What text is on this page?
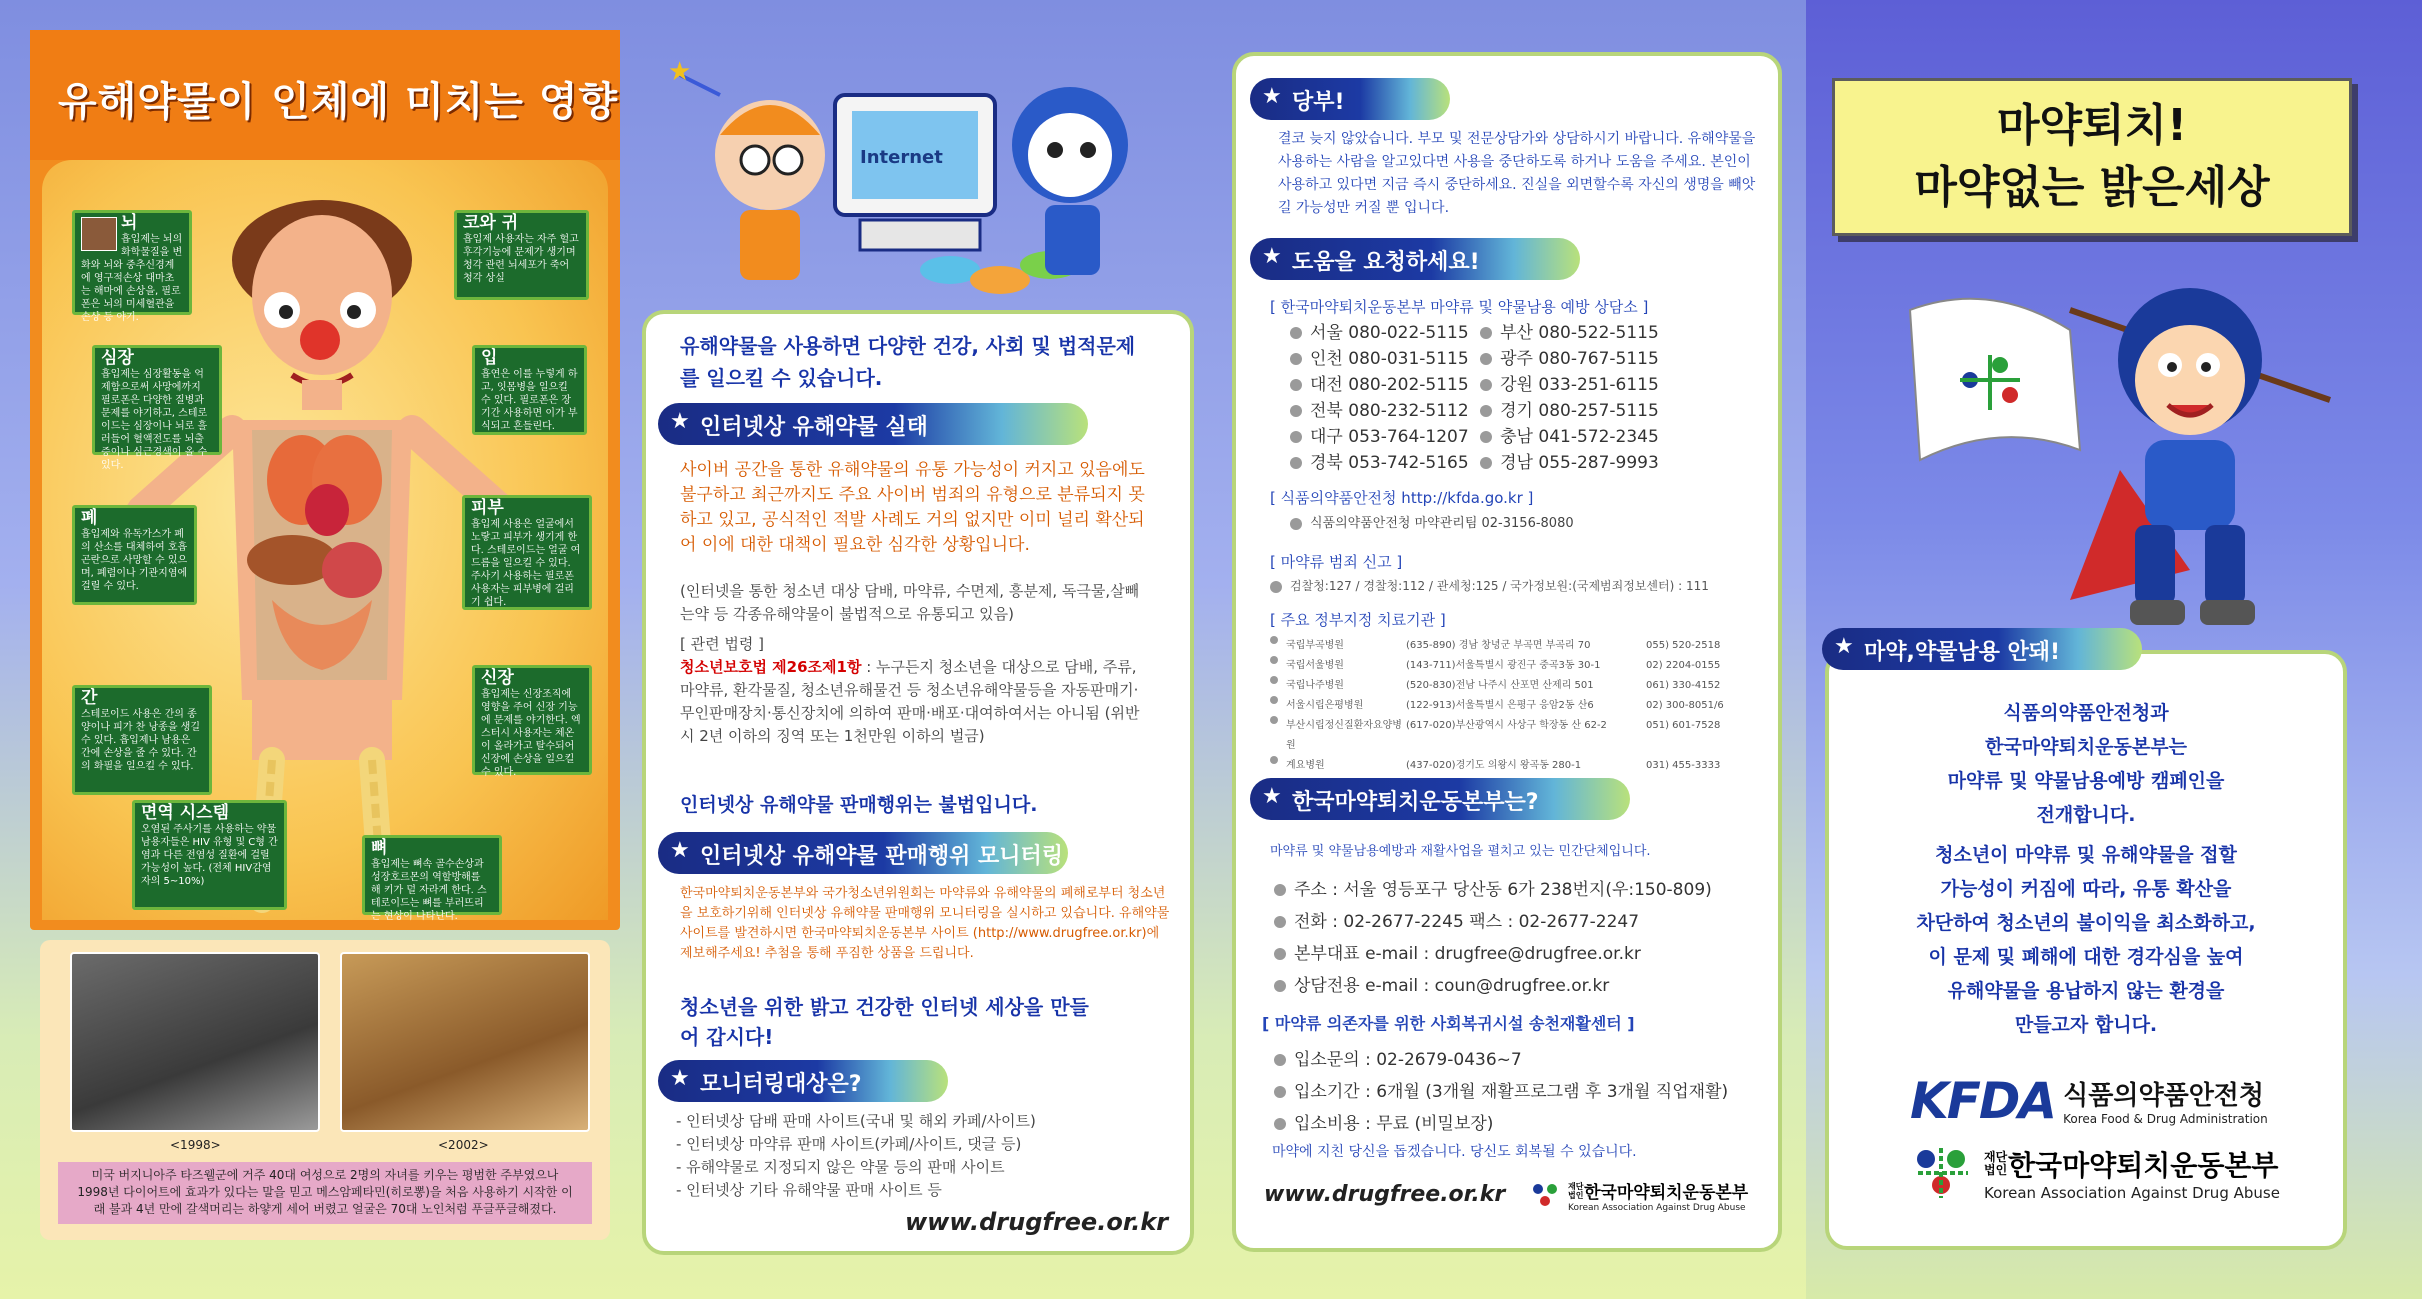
유해약물이 인체에 미치는 영향
뇌
흡입제는 뇌의 화학물질을 변화와 뇌와 중추신경계에 영구적손상 대마초는 해마에 손상을, 필로폰은 뇌의 미세혈관을 손상 등 야기.
코와 귀
흡입제 사용자는 자주 헐고 후각기능에 문제가 생기며 청각 관련 뇌세포가 죽어 청각 상실
심장
흡입제는 심장활동을 억제함으로써 사망에까지 필로폰은 다양한 질병과 문제를 야기하고, 스테로이드는 심장이나 뇌로 흘러들어 혈액전도를 뇌출증이나 심근경색이 올 수 있다.
입
흡연은 이를 누렇게 하고, 잇몸병을 일으킬 수 있다. 필로폰은 장기간 사용하면 이가 부식되고 흔들린다.
폐
흡입제와 유독가스가 폐의 산소를 대체하여 호흡곤란으로 사망할 수 있으며, 폐렴이나 기관지염에 걸릴 수 있다.
피부
흡입제 사용은 얼굴에서 노랗고 피부가 생기게 한다. 스테로이드는 얼굴 여드름을 일으킬 수 있다. 주사기 사용하는 필로폰 사용자는 피부병에 걸리기 쉽다.
간
스테로이드 사용은 간의 종양이나 피가 찬 낭종을 생길 수 있다. 흡입제나 남용은 간에 손상을 줄 수 있다. 간의 화필을 일으킬 수 있다.
신장
흡입제는 신장조직에 영향을 주어 신장 기능에 문제를 야기한다. 엑스터시 사용자는 체온이 올라가고 탈수되어 신장에 손상을 일으킬 수 있다.
면역 시스템
오염된 주사기를 사용하는 약물남용자들은 HIV 유형 및 C형 간염과 다른 전염성 질환에 걸릴 가능성이 높다. (전체 HIV감염자의 5~10%)
뼈
흡입제는 뼈속 골수손상과 성장호르몬의 역할방해를 해 키가 덜 자라게 한다. 스테로이드는 뼈를 부러뜨리는 현상이 나타난다.
<1998>	<2002>
미국 버지니아주 타즈웰군에 거주 40대 여성으로 2명의 자녀를 키우는 평범한 주부였으나 1998년 다이어트에 효과가 있다는 말을 믿고 메스암페타민(히로뽕)을 처음 사용하기 시작한 이래 불과 4년 만에 갈색머리는 하얗게 세어 버렸고 얼굴은 70대 노인처럼 푸글푸글해졌다.
Internet
★
유해약물을 사용하면 다양한 건강, 사회 및 법적문제를 일으킬 수 있습니다.
★ 인터넷상 유해약물 실태
사이버 공간을 통한 유해약물의 유통 가능성이 커지고 있음에도 불구하고 최근까지도 주요 사이버 범죄의 유형으로 분류되지 못하고 있고, 공식적인 적발 사례도 거의 없지만 이미 널리 확산되어 이에 대한 대책이 필요한 심각한 상황입니다.
(인터넷을 통한 청소년 대상 담배, 마약류, 수면제, 흥분제, 독극물,살빼는약 등 각종유해약물이 불법적으로 유통되고 있음)
[ 관련 법령 ]
청소년보호법 제26조제1항 : 누구든지 청소년을 대상으로 담배, 주류, 마약류, 환각물질, 청소년유해물건 등 청소년유해약물등을 자동판매기·무인판매장치·통신장치에 의하여 판매·배포·대여하여서는 아니됨 (위반시 2년 이하의 징역 또는 1천만원 이하의 벌금)
인터넷상 유해약물 판매행위는 불법입니다.
★ 인터넷상 유해약물 판매행위 모니터링
한국마약퇴치운동본부와 국가청소년위원회는 마약류와 유해약물의 폐해로부터 청소년을 보호하기위해 인터넷상 유해약물 판매행위 모니터링을 실시하고 있습니다. 유해약물 사이트를 발견하시면 한국마약퇴치운동본부 사이트 (http://www.drugfree.or.kr)에 제보해주세요! 추첨을 통해 푸짐한 상품을 드립니다.
청소년을 위한 밝고 건강한 인터넷 세상을 만들어 갑시다!
★ 모니터링대상은?
- 인터넷상 담배 판매 사이트(국내 및 해외 카페/사이트)
- 인터넷상 마약류 판매 사이트(카페/사이트, 댓글 등)
- 유해약물로 지정되지 않은 약물 등의 판매 사이트
- 인터넷상 기타 유해약물 판매 사이트 등
www.drugfree.or.kr
★ 당부!
결코 늦지 않았습니다. 부모 및 전문상담가와 상담하시기 바랍니다. 유해약물을 사용하는 사람을 알고있다면 사용을 중단하도록 하거나 도움을 주세요. 본인이 사용하고 있다면 지금 즉시 중단하세요. 진실을 외면할수록 자신의 생명을 빼앗길 가능성만 커질 뿐 입니다.
★ 도움을 요청하세요!
[ 한국마약퇴치운동본부 마약류 및 약물남용 예방 상담소 ]
서울 080-022-5115 부산 080-522-5115
인천 080-031-5115 광주 080-767-5115
대전 080-202-5115 강원 033-251-6115
전북 080-232-5112 경기 080-257-5115
대구 053-764-1207 충남 041-572-2345
경북 053-742-5165 경남 055-287-9993
[ 식품의약품안전청 http://kfda.go.kr ]
식품의약품안전청 마약관리팀 02-3156-8080
[ 마약류 범죄 신고 ]
검찰청:127 / 경찰청:112 / 관세청:125 / 국가정보원:(국제범죄정보센터) : 111
[ 주요 정부지정 치료기관 ]
국립부곡병원	(635-890) 경남 창녕군 부곡면 부곡리 70	055) 520-2518
국립서울병원	(143-711)서울특별시 광진구 중곡3동 30-1	02) 2204-0155
국립나주병원	(520-830)전남 나주시 산포면 산제리 501	061) 330-4152
서울시립은평병원	(122-913)서울특별시 은평구 응암2동 산6	02) 300-8051/6
부산시립정신질환자요양병원
(617-020)부산광역시 사상구 학장동 산 62-2	051) 601-7528
계요병원	(437-020)경기도 의왕시 왕곡동 280-1	031) 455-3333
★ 한국마약퇴치운동본부는?
마약류 및 약물남용예방과 재활사업을 펼치고 있는 민간단체입니다.
주소 : 서울 영등포구 당산동 6가 238번지(우:150-809)
전화 : 02-2677-2245 팩스 : 02-2677-2247
본부대표 e-mail : drugfree@drugfree.or.kr
상담전용 e-mail : coun@drugfree.or.kr
[ 마약류 의존자를 위한 사회복귀시설 송천재활센터 ]
입소문의 : 02-2679-0436~7
입소기간 : 6개월 (3개월 재활프로그램 후 3개월 직업재활)
입소비용 : 무료 (비밀보장)
마약에 지친 당신을 돕겠습니다. 당신도 회복될 수 있습니다.
www.drugfree.or.kr	재단법인 한국마약퇴치운동본부
Korean Association Against Drug Abuse
마약퇴치!
마약없는 밝은세상
★ 마약,약물남용 안돼!
식품의약품안전청과
한국마약퇴치운동본부는
마약류 및 약물남용예방 캠페인을
전개합니다.
청소년이 마약류 및 유해약물을 접할
가능성이 커짐에 따라, 유통 확산을
차단하여 청소년의 불이익을 최소화하고,
이 문제 및 폐해에 대한 경각심을 높여
유해약물을 용납하지 않는 환경을
만들고자 합니다.
KFDA 식품의약품안전청
Korea Food & Drug Administration
재단법인 한국마약퇴치운동본부
Korean Association Against Drug Abuse
